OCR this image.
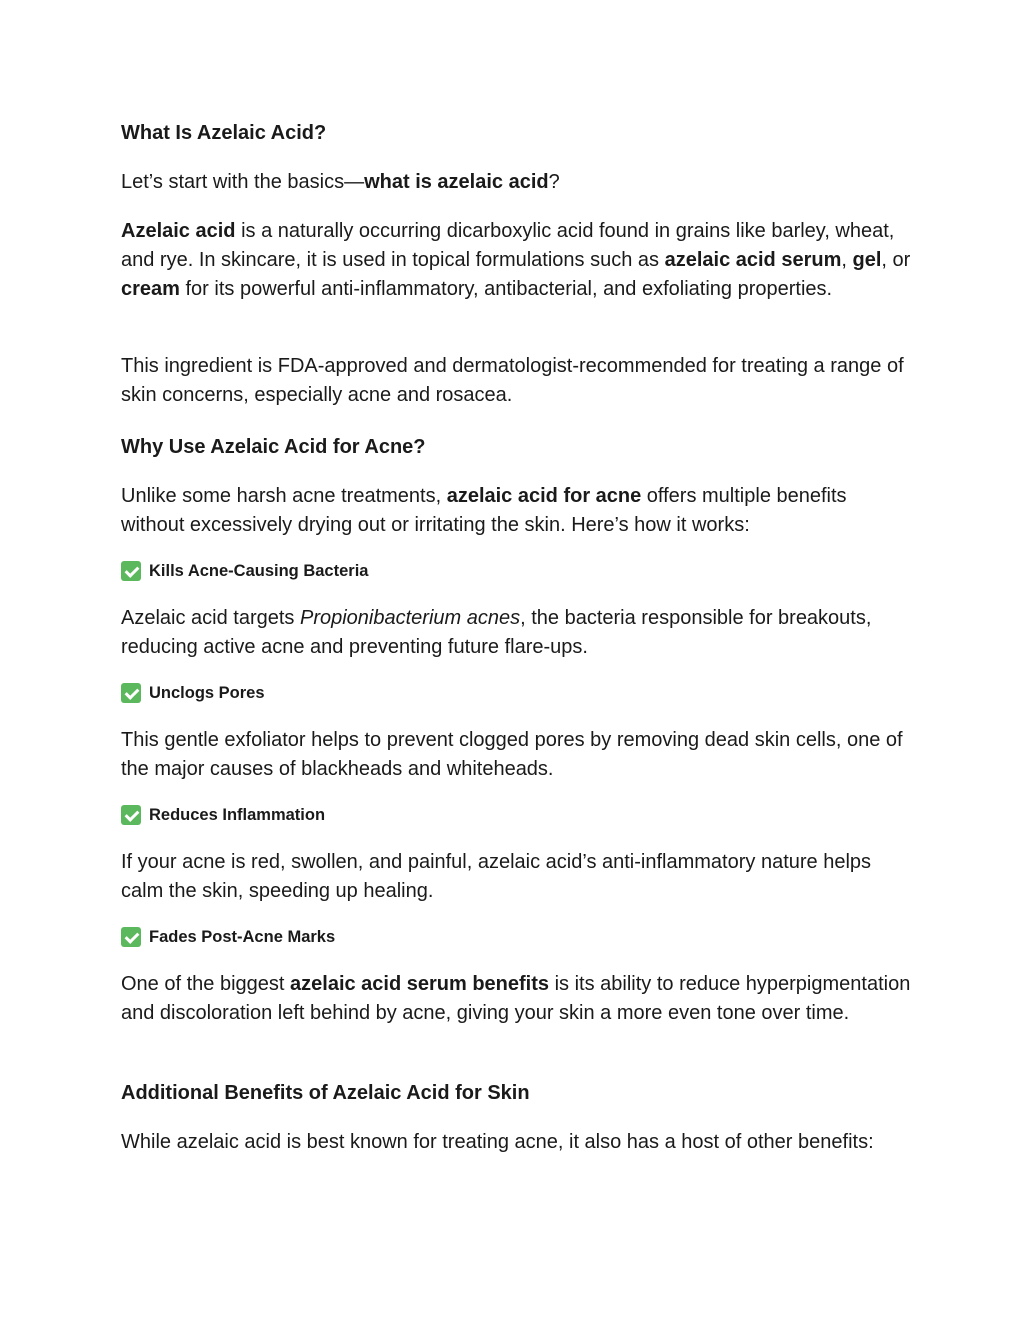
What Is Azelaic Acid?

Let’s start with the basics—what is azelaic acid?

Azelaic acid is a naturally occurring dicarboxylic acid found in grains like barley, wheat, and rye. In skincare, it is used in topical formulations such as azelaic acid serum, gel, or cream for its powerful anti-inflammatory, antibacterial, and exfoliating properties.

This ingredient is FDA-approved and dermatologist-recommended for treating a range of skin concerns, especially acne and rosacea.

Why Use Azelaic Acid for Acne?

Unlike some harsh acne treatments, azelaic acid for acne offers multiple benefits without excessively drying out or irritating the skin. Here’s how it works:

Kills Acne-Causing Bacteria

Azelaic acid targets Propionibacterium acnes, the bacteria responsible for breakouts, reducing active acne and preventing future flare-ups.

Unclogs Pores

This gentle exfoliator helps to prevent clogged pores by removing dead skin cells, one of the major causes of blackheads and whiteheads.

Reduces Inflammation

If your acne is red, swollen, and painful, azelaic acid’s anti-inflammatory nature helps calm the skin, speeding up healing.

Fades Post-Acne Marks

One of the biggest azelaic acid serum benefits is its ability to reduce hyperpigmentation and discoloration left behind by acne, giving your skin a more even tone over time.

Additional Benefits of Azelaic Acid for Skin

While azelaic acid is best known for treating acne, it also has a host of other benefits:
